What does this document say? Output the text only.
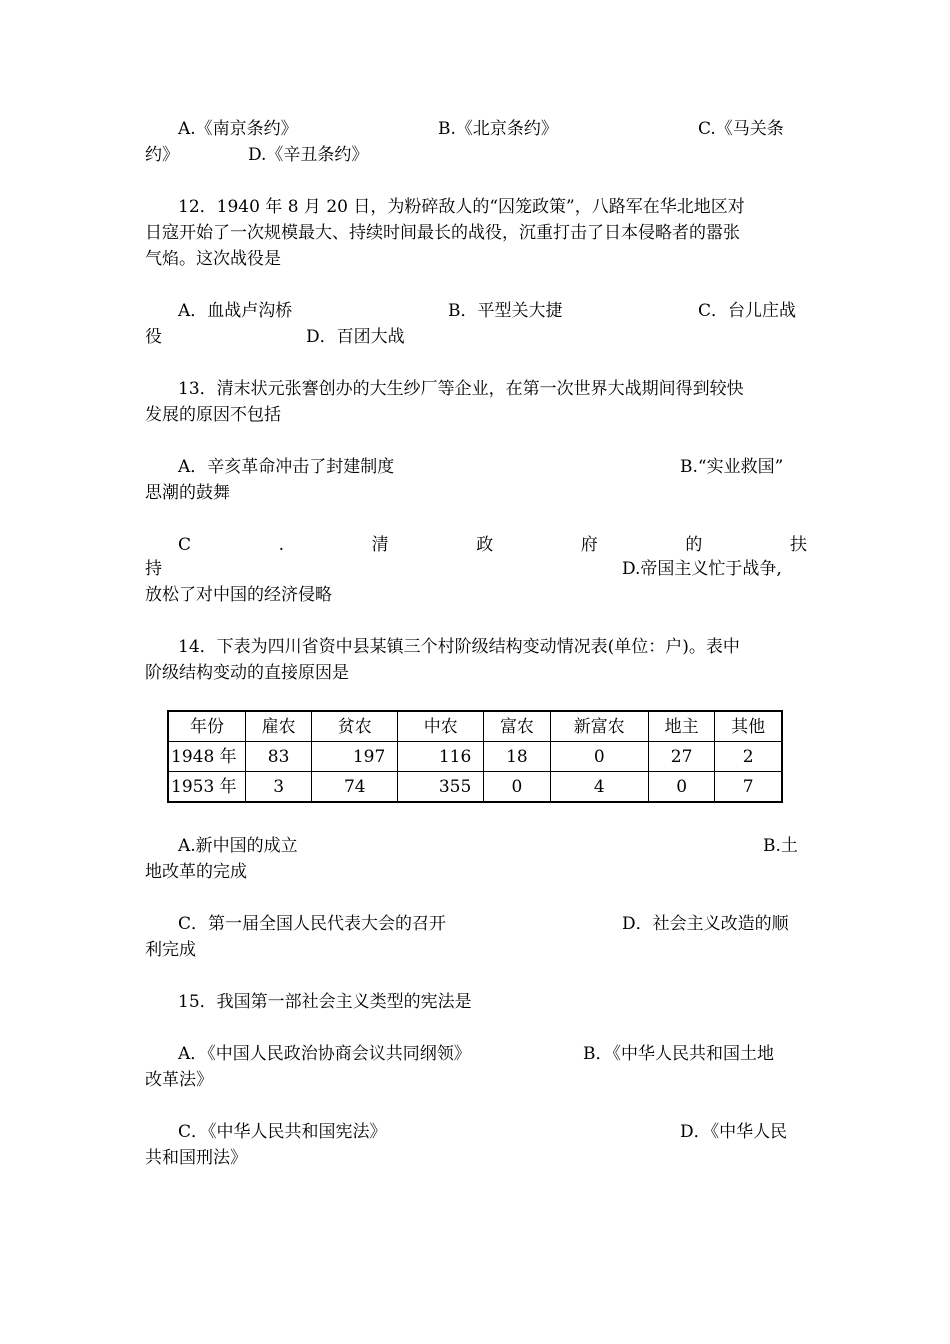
A.《南京条约》	B.《北京条约》	C.《马关条
约》	D.《辛丑条约》
12．1940 年 8 月 20 日，为粉碎敌人的“囚笼政策”，八路军在华北地区对
日寇开始了一次规模最大、持续时间最长的战役，沉重打击了日本侵略者的嚣张
气焰。这次战役是
A．血战卢沟桥	B．平型关大捷	C．台儿庄战
役	D．百团大战
13．清末状元张謇创办的大生纱厂等企业，在第一次世界大战期间得到较快
发展的原因不包括
A．辛亥革命冲击了封建制度	B.“实业救国”
思潮的鼓舞
C	.	清	政	府	的	扶
持	D.帝国主义忙于战争,
放松了对中国的经济侵略
14．下表为四川省资中县某镇三个村阶级结构变动情况表(单位：户)。表中
阶级结构变动的直接原因是
年份	雇农	贫农	中农	富农	新富农	地主	其他
1948 年	83	197	116	18	0	27	2
1953 年	3	74	355	0	4	0	7
A.新中国的成立	B.土
地改革的完成
C．第一届全国人民代表大会的召开	D．社会主义改造的顺
利完成
15．我国第一部社会主义类型的宪法是
A．《中国人民政治协商会议共同纲领》	B．《中华人民共和国土地
改革法》
C．《中华人民共和国宪法》	D．《中华人民
共和国刑法》
